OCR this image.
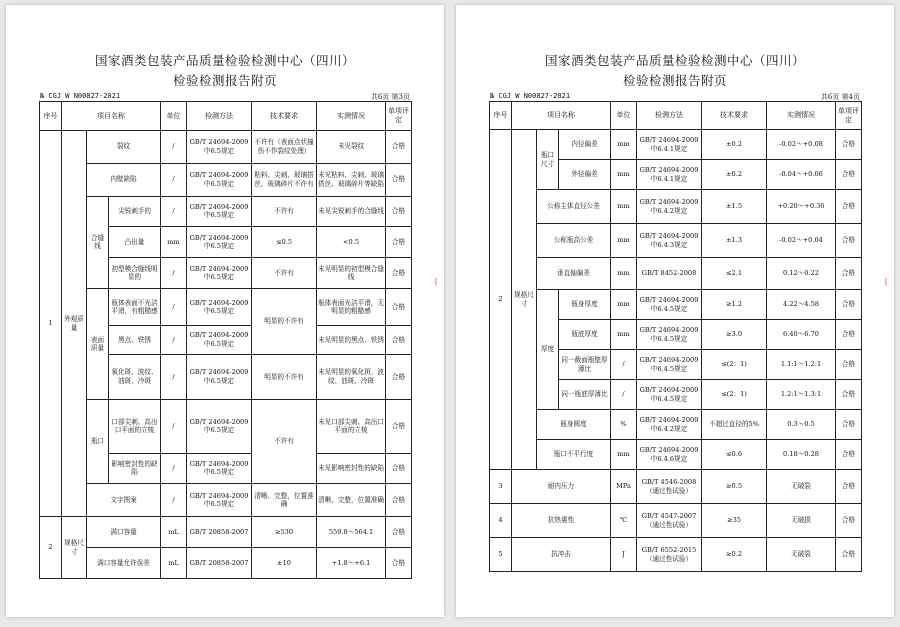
国家酒类包装产品质量检验检测中心（四川）
检验检测报告附页
№ CGJ W N00827-2021	共6页 第3页
序号	项目名称			单位	检测方法	技术要求	实测情况	单项评定
1	外观质量	裂纹		/	GB/T 24694-2009中6.5规定	不许有（表面点状撞伤不作裂纹处理）	未见裂纹	合格
		内壁缺陷		/	GB/T 24694-2009中6.5规定	粘料、尖刺、玻璃搭丝、玻璃碎片不许有	未见粘料、尖刺、玻璃搭丝、玻璃碎片等缺陷	合格
		合缝线	尖锐刺手的	/	GB/T 24694-2009中6.5规定	不许有	未见尖锐刺手的合缝线	合格
			凸出量	mm	GB/T 24694-2009中6.5规定	≤0.5	<0.5	合格
			初型模合缝线明显的	/	GB/T 24694-2009中6.5规定	不许有	未见明显的初型模合缝线	合格
		表面质量	瓶体表面不光洁平滑，有粗糙感	/	GB/T 24694-2009中6.5规定	明显的不许有	瓶体表面光洁平滑，无明显的粗糙感	合格
			黑点、铁锈	/	GB/T 24694-2009中6.5规定		未见明显的黑点、铁锈	合格
			氧化斑、波纹、油斑、冷斑	/	GB/T 24694-2009中6.5规定	明显的不许有	未见明显的氧化斑、波纹、油斑、冷斑	合格
		瓶口	口部尖刺、高出口平面的立棱	/	GB/T 24694-2009中6.5规定	不许有	未见口部尖刺、高出口平面的立棱	合格
			影响密封性的缺陷	/	GB/T 24694-2009中6.5规定		未见影响密封性的缺陷	合格
		文字图案		/	GB/T 24694-2009中6.5规定	清晰、完整，位置准确	清晰、完整，位置准确	合格
2	规格尺寸	满口容量		mL	GB/T 20858-2007	≥530	559.8～564.1	合格
		满口容量允许误差		mL	GB/T 20858-2007	±10	+1.8～+6.1	合格
⟬
国家酒类包装产品质量检验检测中心（四川）
检验检测报告附页
№ CGJ W N00827-2021	共6页 第4页
序号	项目名称			单位	检测方法	技术要求	实测情况	单项评定
2	规格尺寸	瓶口尺寸	内径偏差	mm	GB/T 24694-2009中6.4.1规定	±0.2	-0.02～+0.08	合格
			外径偏差	mm	GB/T 24694-2009中6.4.1规定	±0.2	-0.04～+0.06	合格
		公称主体直径公差		mm	GB/T 24694-2009中6.4.2规定	±1.5	+0.20～+0.36	合格
		公称瓶高公差		mm	GB/T 24694-2009中6.4.3规定	±1.3	-0.02～+0.04	合格
		垂直轴偏差		mm	GB/T 8452-2008	≤2.1	0.12～0.22	合格
		厚度	瓶身厚度	mm	GB/T 24694-2009中6.4.5规定	≥1.2	4.22～4.58	合格
			瓶底厚度	mm	GB/T 24694-2009中6.4.5规定	≥3.0	6.40～6.70	合格
			同一截面瓶壁厚薄比	/	GB/T 24694-2009中6.4.5规定	≤(2：1)	1.1:1～1.2:1	合格
			同一瓶底厚薄比	/	GB/T 24694-2009中6.4.5规定	≤(2：1)	1.2:1～1.3:1	合格
		瓶身圆度		%	GB/T 24694-2009中6.4.2规定	不超过直径的5%	0.3～0.5	合格
		瓶口不平行度		mm	GB/T 24694-2009中6.4.6规定	≤0.6	0.18～0.28	合格
3	耐内压力			MPa	GB/T 4546-2008（通过性试验）	≥0.5	无破裂	合格
4	抗热震性			℃	GB/T 4547-2007（通过性试验）	≥35	无破损	合格
5	抗冲击			J	GB/T 6552-2015（通过性试验）	≥0.2	无破裂	合格
⟬
